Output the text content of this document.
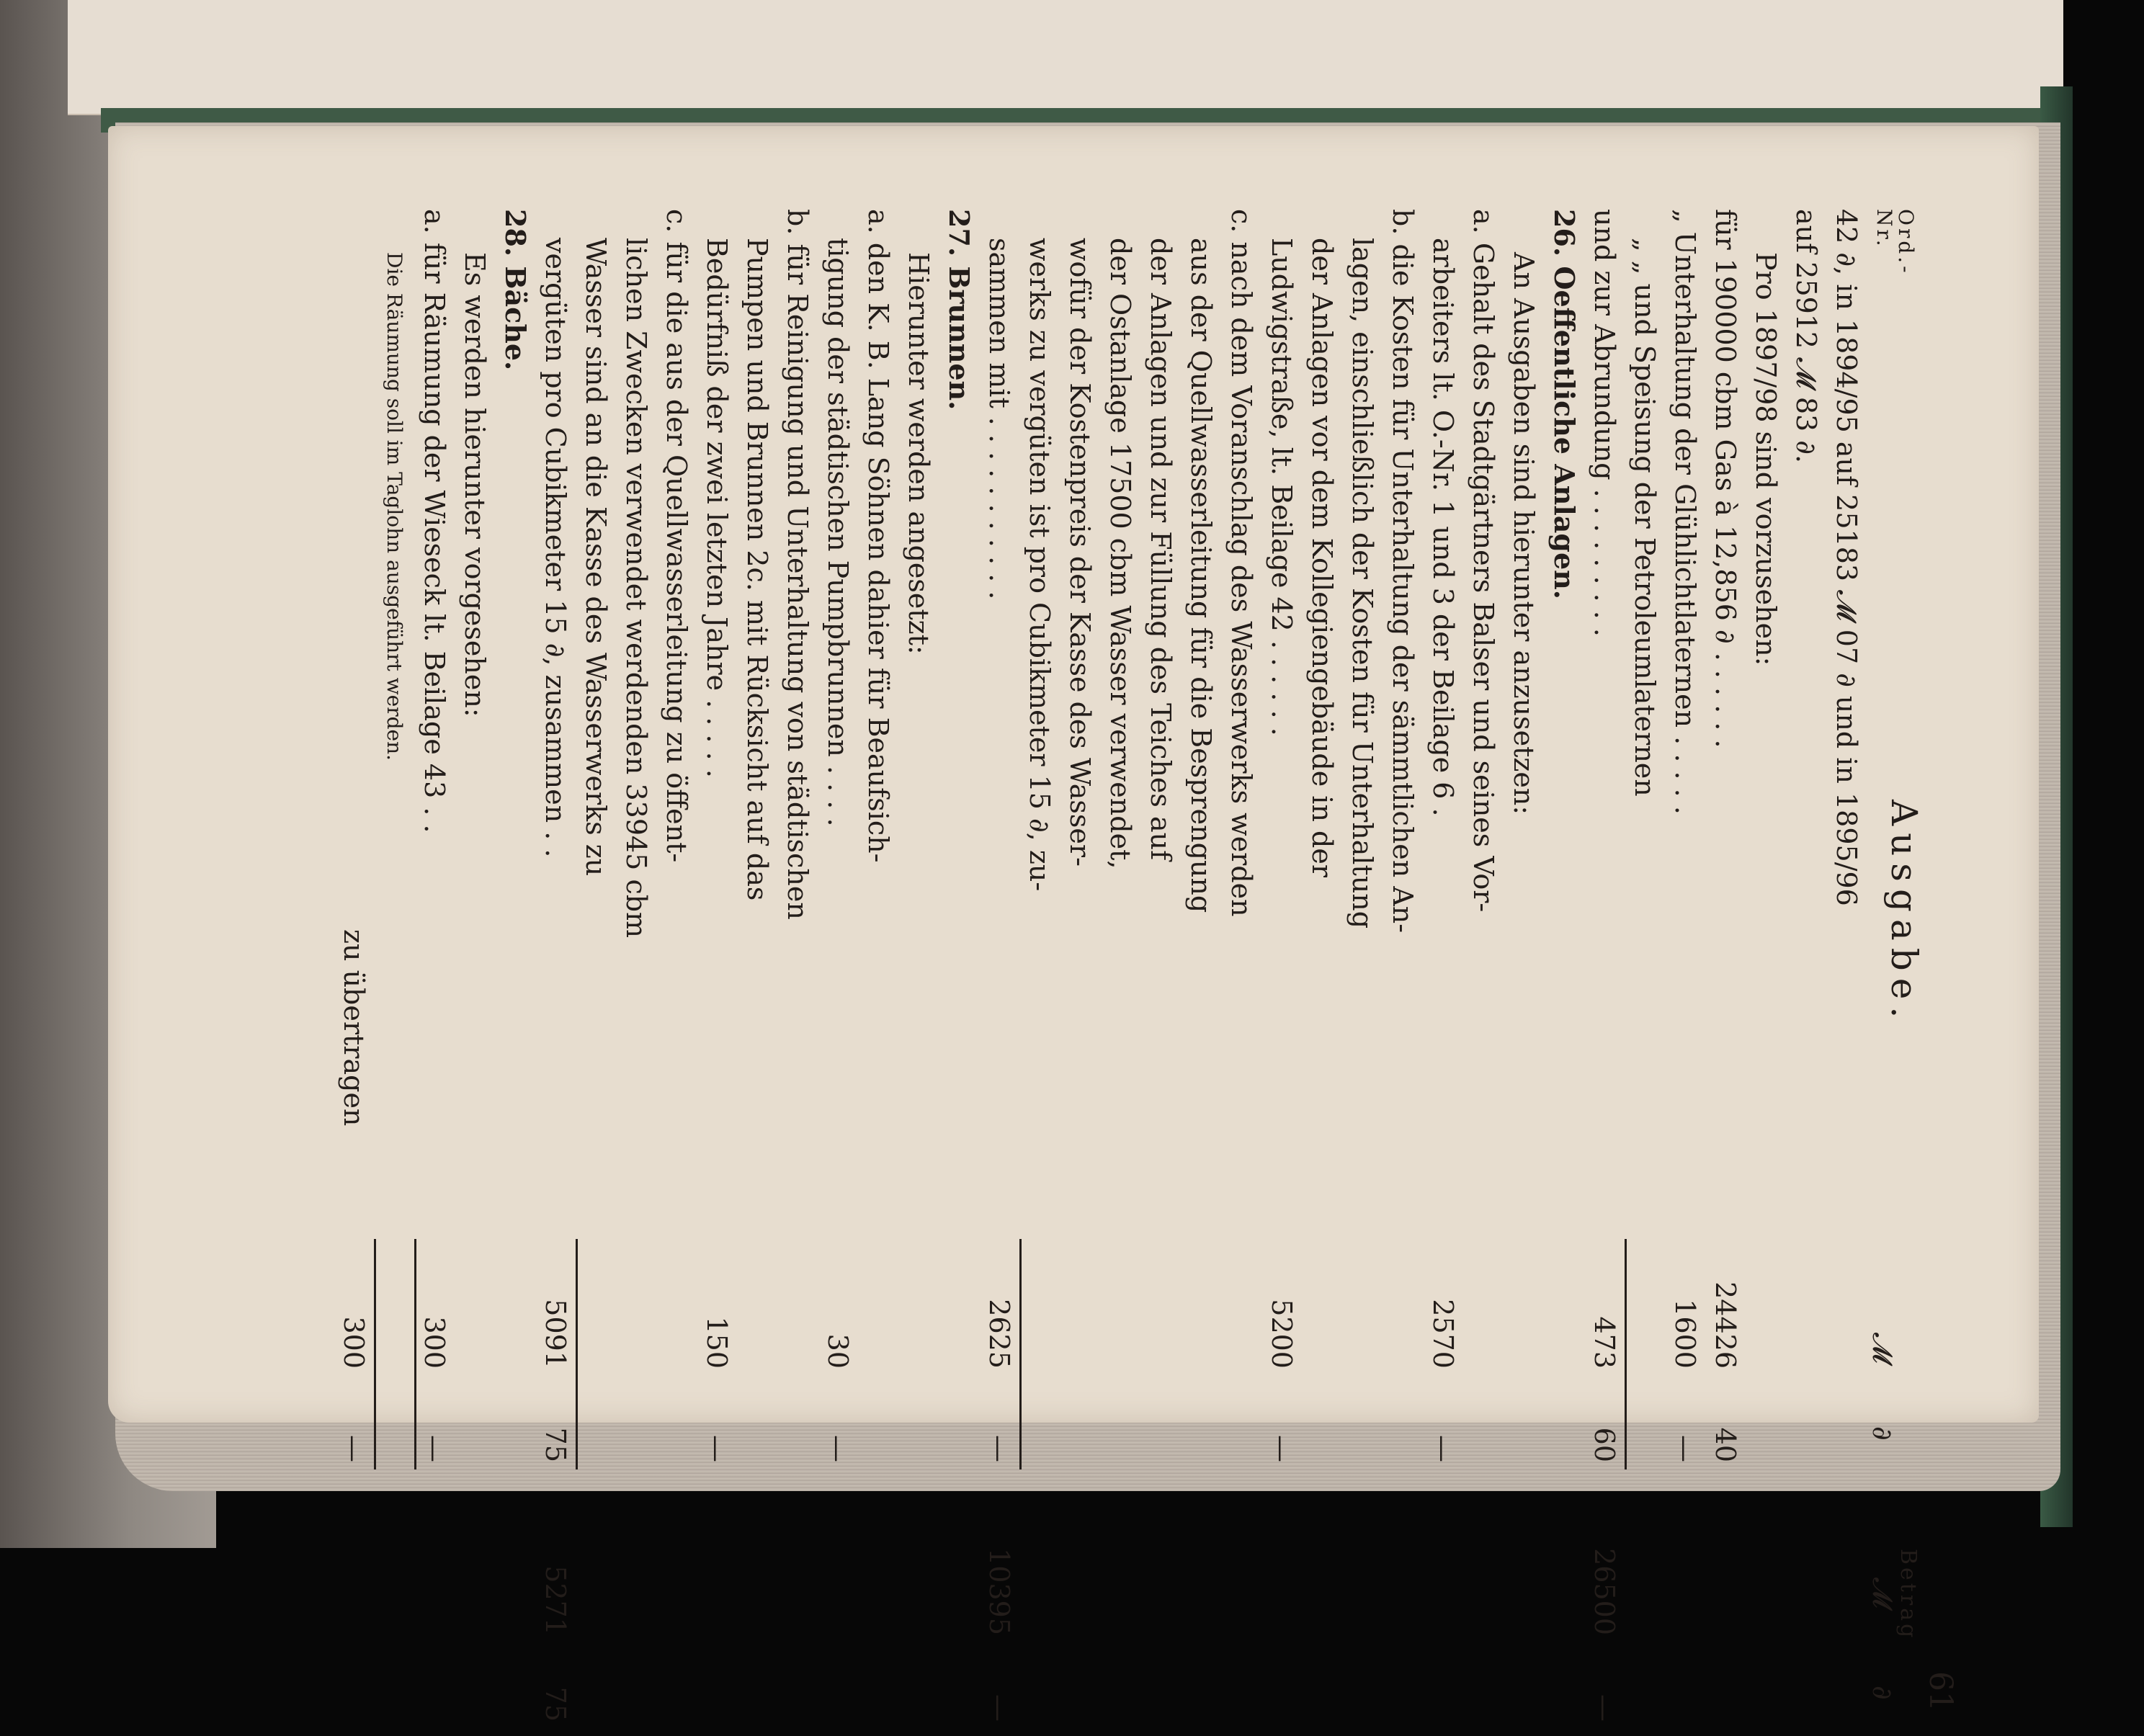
61
Ord.-
Nr.
Ausgabe.
Betrag
𝓜
∂
𝓜
∂
42 ∂, in 1894/95 auf 25183 𝓜 07 ∂ und in 1895/96
auf 25912 𝓜 83 ∂.
Pro 1897/98 sind vorzusehen:
für 190000 cbm Gas à 12,856 ∂ . . . . . .
24426
40
„ Unterhaltung der Glühlichtlaternen . . . . .
1600
—
„ „ und Speisung der Petroleumlaternen
und zur Abrundung . . . . . . . . .
473
60
26500
—
26. Oeffentliche Anlagen.
An Ausgaben sind hierunter anzusetzen:
a. Gehalt des Stadtgärtners Balser und seines Vor-
arbeiters lt. O.-Nr. 1 und 3 der Beilage 6 .
2570
—
b. die Kosten für Unterhaltung der sämmtlichen An-
lagen, einschließlich der Kosten für Unterhaltung
der Anlagen vor dem Kollegiengebäude in der
Ludwigstraße, lt. Beilage 42 . . . . . .
5200
—
c. nach dem Voranschlag des Wasserwerks werden
aus der Quellwasserleitung für die Besprengung
der Anlagen und zur Füllung des Teiches auf
der Ostanlage 17500 cbm Wasser verwendet,
wofür der Kostenpreis der Kasse des Wasser-
werks zu vergüten ist pro Cubikmeter 15 ∂, zu-
sammen mit . . . . . . . . . . .
2625
—
10395
—
27. Brunnen.
Hierunter werden angesetzt:
a. den K. B. Lang Söhnen dahier für Beaufsich-
tigung der städtischen Pumpbrunnen . . . .
30
—
b. für Reinigung und Unterhaltung von städtischen
Pumpen und Brunnen 2c. mit Rücksicht auf das
Bedürfniß der zwei letzten Jahre . . . . .
150
—
c. für die aus der Quellwasserleitung zu öffent-
lichen Zwecken verwendet werdenden 33945 cbm
Wasser sind an die Kasse des Wasserwerks zu
vergüten pro Cubikmeter 15 ∂, zusammen . .
5091
75
5271
75
28. Bäche.
Es werden hierunter vorgesehen:
a. für Räumung der Wieseck lt. Beilage 43 . .
300
—
Die Räumung soll im Taglohn ausgeführt werden.
zu übertragen
300
—
